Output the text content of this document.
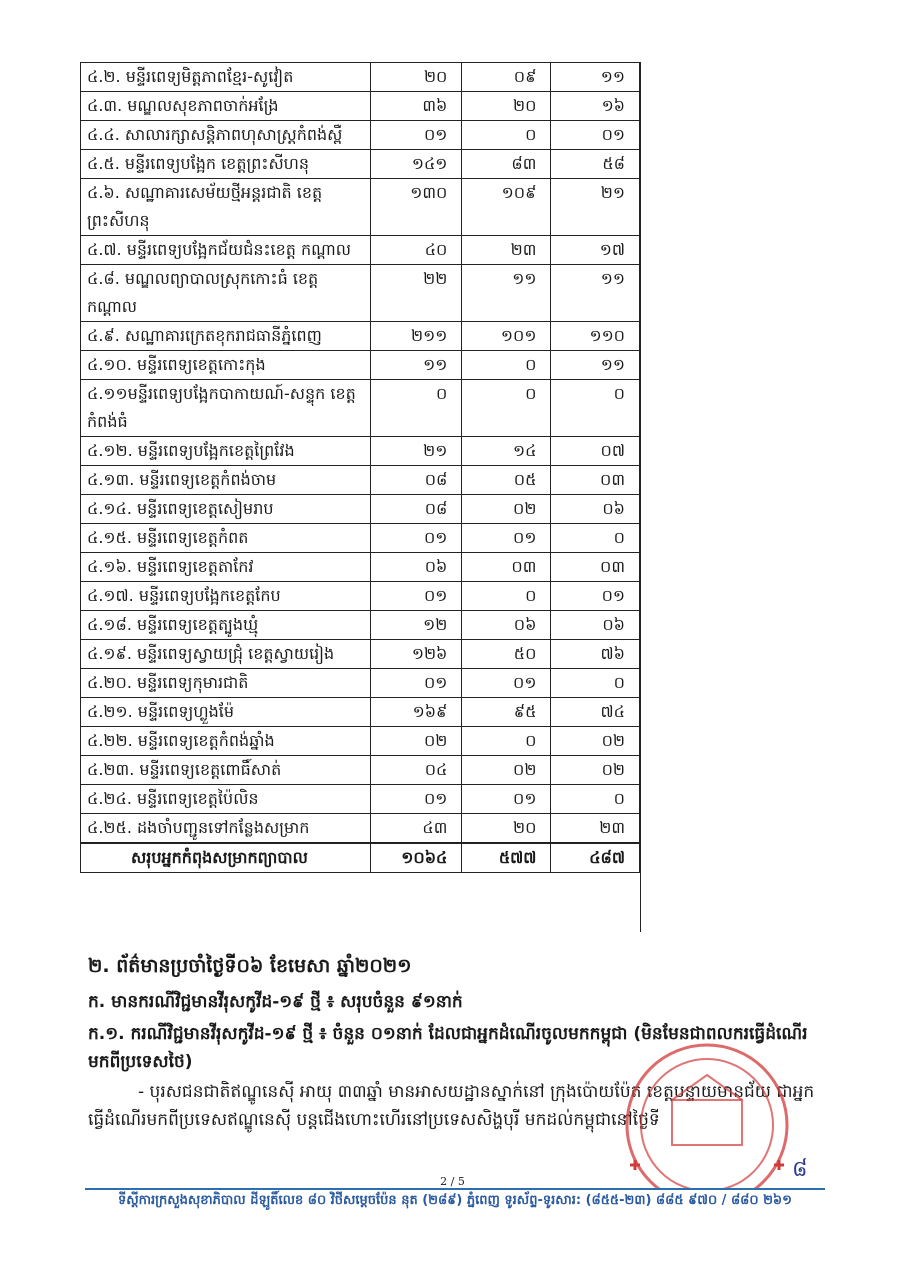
៤.២. មន្ទីរពេទ្យមិត្តភាពខ្មែរ-សូវៀត	២០	០៩	១១
៤.៣. មណ្ឌលសុខភាពចាក់អង្រែ	៣៦	២០	១៦
៤.៤. សាលារក្សាសន្តិភាពហុសាស្ត្រកំពង់ស្ពឺ	០១	០	០១
៤.៥. មន្ទីរពេទ្យបង្អែក ខេត្តព្រះសីហនុ	១៤១	៨៣	៥៨
៤.៦. សណ្ឋាគារសេម័យថ្មីអន្តរជាតិ ខេត្តព្រះសីហនុ	១៣០	១០៩	២១
៤.៧. មន្ទីរពេទ្យបង្អែកជ័យជំនះខេត្ត កណ្ដាល	៤០	២៣	១៧
៤.៨. មណ្ឌលព្យាបាលស្រុកកោះធំ ខេត្តកណ្ដាល	២២	១១	១១
៤.៩. សណ្ឋាគារក្រេតខុករាជធានីភ្នំពេញ	២១១	១០១	១១០
៤.១០. មន្ទីរពេទ្យខេត្តកោះកុង	១១	០	១១
៤.១១មន្ទីរពេទ្យបង្អែកបាកាយណ៍-សន្ទុក ខេត្តកំពង់ធំ	០	០	០
៤.១២. មន្ទីរពេទ្យបង្អែកខេត្តព្រៃវែង	២១	១៤	០៧
៤.១៣. មន្ទីរពេទ្យខេត្តកំពង់ចាម	០៨	០៥	០៣
៤.១៤. មន្ទីរពេទ្យខេត្តសៀមរាប	០៨	០២	០៦
៤.១៥. មន្ទីរពេទ្យខេត្តកំពត	០១	០១	០
៤.១៦. មន្ទីរពេទ្យខេត្តតាកែវ	០៦	០៣	០៣
៤.១៧. មន្ទីរពេទ្យបង្អែកខេត្តកែប	០១	០	០១
៤.១៨. មន្ទីរពេទ្យខេត្តត្បូងឃ្មុំ	១២	០៦	០៦
៤.១៩. មន្ទីរពេទ្យស្វាយជ្រុំ ខេត្តស្វាយរៀង	១២៦	៥០	៧៦
៤.២០. មន្ទីរពេទ្យកុមារជាតិ	០១	០១	០
៤.២១. មន្ទីរពេទ្យហ្លួងម៉ែ	១៦៩	៩៥	៧៤
៤.២២. មន្ទីរពេទ្យខេត្តកំពង់ឆ្នាំង	០២	០	០២
៤.២៣. មន្ទីរពេទ្យខេត្តពោធិ៍សាត់	០៤	០២	០២
៤.២៤. មន្ទីរពេទ្យខេត្តប៉ៃលិន	០១	០១	០
៤.២៥. ដងចាំបញ្ជូនទៅកន្លែងសម្រាក	៤៣	២០	២៣
សរុបអ្នកកំពុងសម្រាកព្យាបាល	១០៦៤	៥៧៧	៤៨៧
២. ព័ត៌មានប្រចាំថ្ងៃទី០៦ ខែមេសា ឆ្នាំ២០២១
ក. មានករណីវិជ្ជមានវីរុសកូវីដ-១៩ ថ្មី ៖ សរុបចំនួន ៩១នាក់
ក.១. ករណីវិជ្ជមានវីរុសកូវីដ-១៩ ថ្មី ៖ ចំនួន ០១នាក់ ដែលជាអ្នកដំណើរចូលមកកម្ពុជា (មិនមែនជាពលករធ្វើដំណើរមកពីប្រទេសថៃ)
- បុរសជនជាតិឥណ្ឌូនេស៊ី អាយុ ៣៣ឆ្នាំ មានអាសយដ្ឋានស្នាក់នៅ ក្រុងប៉ោយប៉ែត ខេត្តបន្ទាយមានជ័យ ជាអ្នកធ្វើដំណើរមកពីប្រទេសឥណ្ឌូនេស៊ី បន្តជើងហោះហើរនៅប្រទេសសិង្ហបុរី មកដល់កម្ពុជានៅថ្ងៃទី
៨
2 / 5
ទីស្ដីការក្រសួងសុខាភិបាល ដីឡូតិ៍លេខ ៨០ វិថីសម្ដេចប៉ែន នុត (២៨៩) ភ្នំពេញ ទូរស័ព្ទ-ទូរសារ: (៨៥៥-២៣) ៨៨៥ ៩៧០ / ៨៨០ ២៦១
